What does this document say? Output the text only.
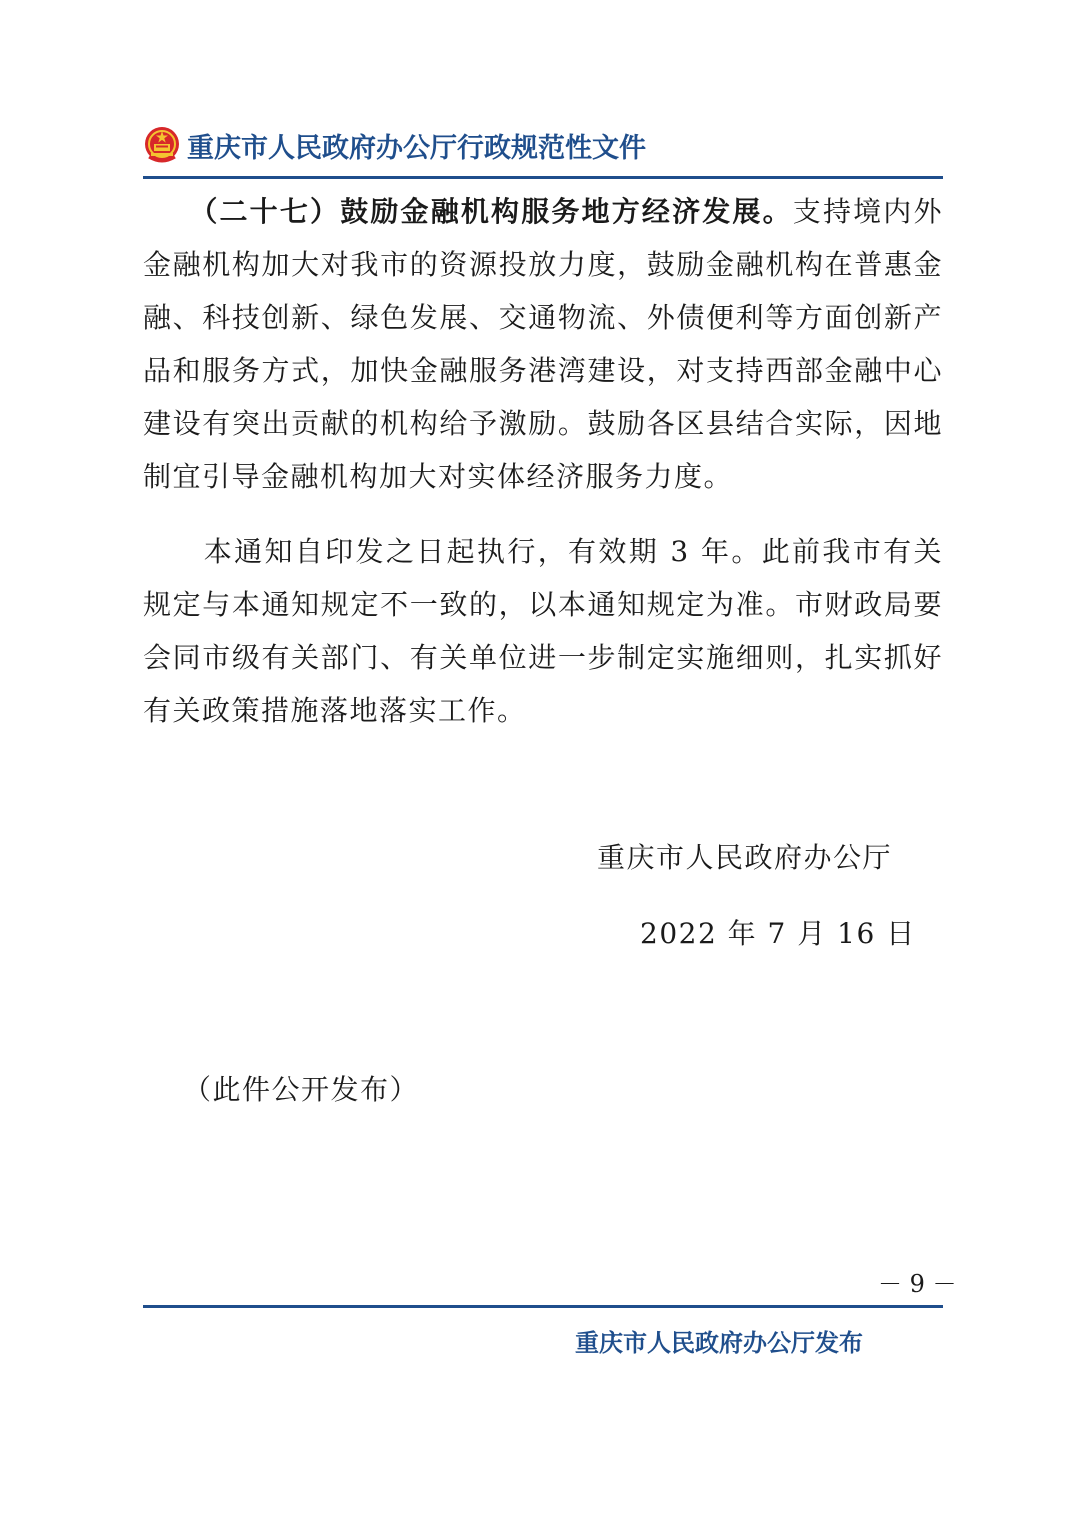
重庆市人民政府办公厅行政规范性文件
　　（二十七）鼓励金融机构服务地方经济发展。支持境内外金融机构加大对我市的资源投放力度，鼓励金融机构在普惠金融、科技创新、绿色发展、交通物流、外债便利等方面创新产品和服务方式，加快金融服务港湾建设，对支持西部金融中心建设有突出贡献的机构给予激励。鼓励各区县结合实际，因地制宜引导金融机构加大对实体经济服务力度。
　　本通知自印发之日起执行，有效期 3 年。此前我市有关规定与本通知规定不一致的，以本通知规定为准。市财政局要会同市级有关部门、有关单位进一步制定实施细则，扎实抓好有关政策措施落地落实工作。
重庆市人民政府办公厅
2022 年 7 月 16 日
（此件公开发布）
－ 9 －
重庆市人民政府办公厅发布
